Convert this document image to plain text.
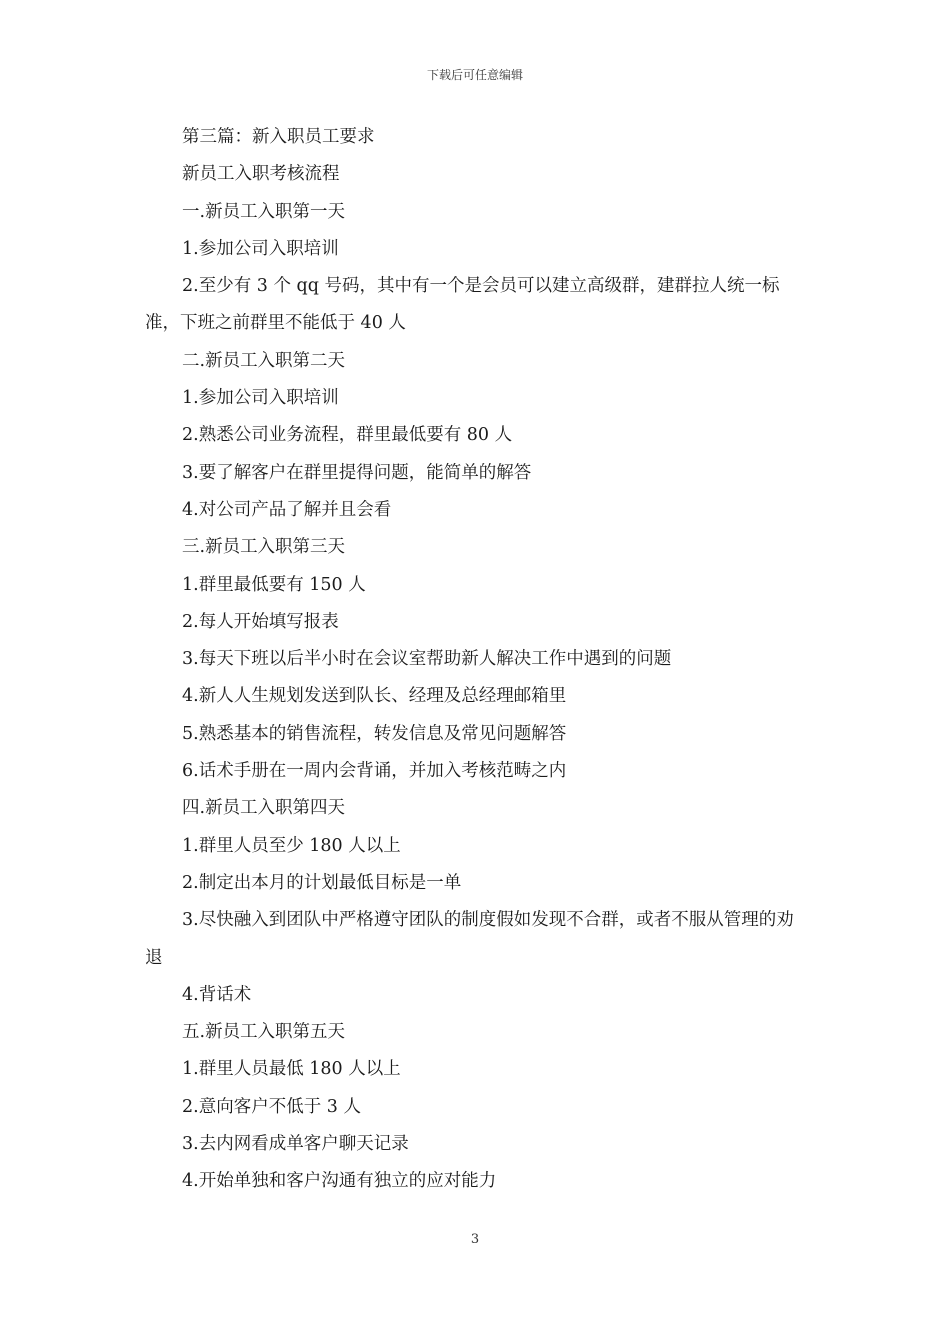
下载后可任意编辑

第三篇：新入职员工要求

新员工入职考核流程

一.新员工入职第一天

1.参加公司入职培训

2.至少有 3 个 qq 号码，其中有一个是会员可以建立高级群，建群拉人统一标准，下班之前群里不能低于 40 人

二.新员工入职第二天

1.参加公司入职培训

2.熟悉公司业务流程，群里最低要有 80 人

3.要了解客户在群里提得问题，能简单的解答

4.对公司产品了解并且会看

三.新员工入职第三天

1.群里最低要有 150 人

2.每人开始填写报表

3.每天下班以后半小时在会议室帮助新人解决工作中遇到的问题

4.新人人生规划发送到队长、经理及总经理邮箱里

5.熟悉基本的销售流程，转发信息及常见问题解答

6.话术手册在一周内会背诵，并加入考核范畴之内

四.新员工入职第四天

1.群里人员至少 180 人以上

2.制定出本月的计划最低目标是一单

3.尽快融入到团队中严格遵守团队的制度假如发现不合群，或者不服从管理的劝退

4.背话术

五.新员工入职第五天

1.群里人员最低 180 人以上

2.意向客户不低于 3 人

3.去内网看成单客户聊天记录

4.开始单独和客户沟通有独立的应对能力

3
